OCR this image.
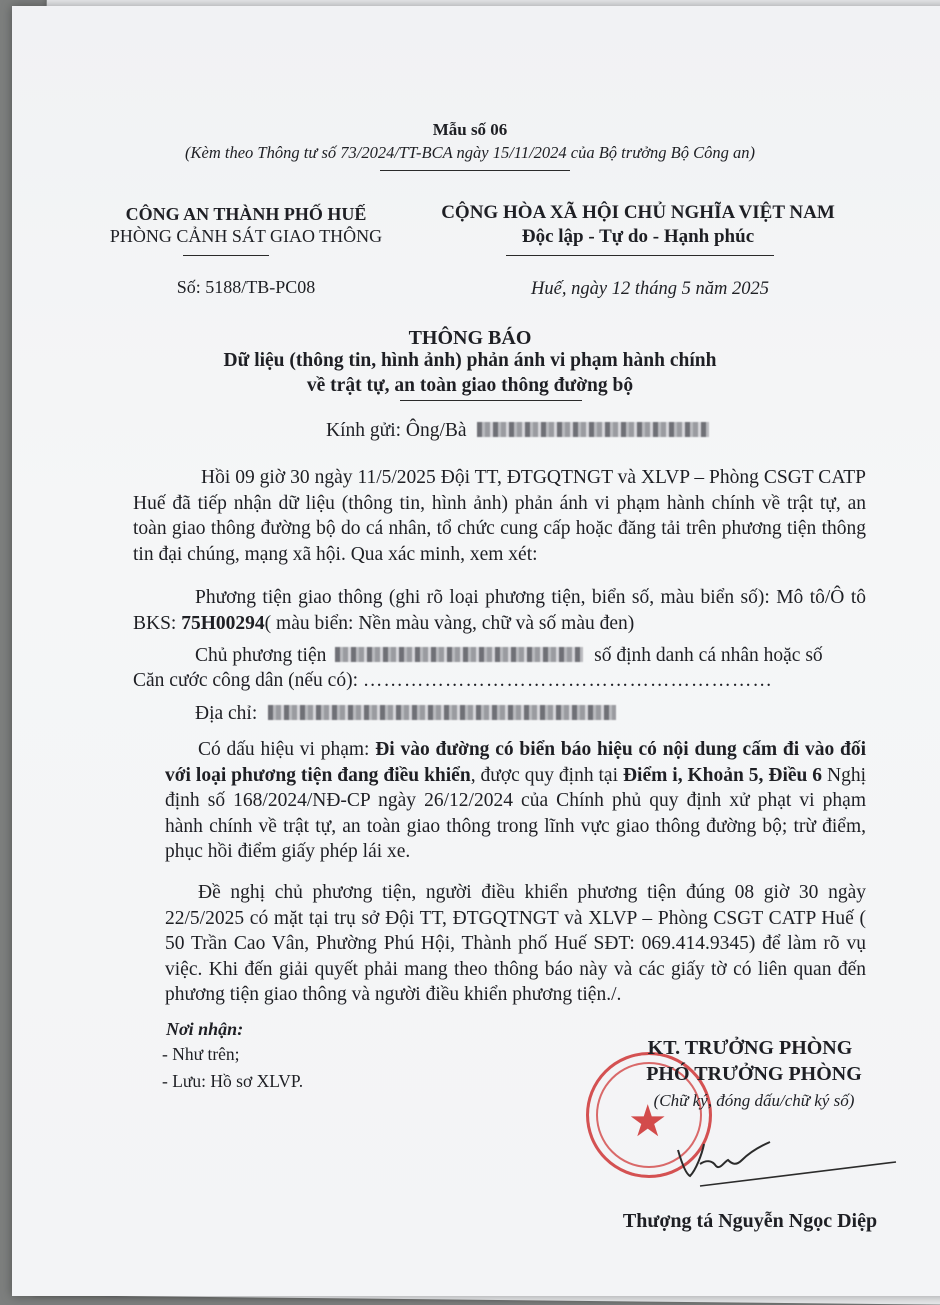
Mẫu số 06
(Kèm theo Thông tư số 73/2024/TT-BCA ngày 15/11/2024 của Bộ trưởng Bộ Công an)
CÔNG AN THÀNH PHỐ HUẾ
PHÒNG CẢNH SÁT GIAO THÔNG
Số: 5188/TB-PC08
CỘNG HÒA XÃ HỘI CHỦ NGHĨA VIỆT NAM
Độc lập - Tự do - Hạnh phúc
Huế, ngày 12 tháng 5 năm 2025
THÔNG BÁO
Dữ liệu (thông tin, hình ảnh) phản ánh vi phạm hành chính
về trật tự, an toàn giao thông đường bộ
Kính gửi: Ông/Bà
Hồi 09 giờ 30 ngày 11/5/2025 Đội TT, ĐTGQTNGT và XLVP – Phòng CSGT CATP Huế đã tiếp nhận dữ liệu (thông tin, hình ảnh) phản ánh vi phạm hành chính về trật tự, an toàn giao thông đường bộ do cá nhân, tổ chức cung cấp hoặc đăng tải trên phương tiện thông tin đại chúng, mạng xã hội. Qua xác minh, xem xét:
Phương tiện giao thông (ghi rõ loại phương tiện, biển số, màu biển số): Mô tô/Ô tô BKS: 75H00294( màu biển: Nền màu vàng, chữ và số màu đen)
Chủ phương tiện	số định danh cá nhân hoặc số
Căn cước công dân (nếu có): ……………………………………………………
Địa chỉ:
Có dấu hiệu vi phạm: Đi vào đường có biển báo hiệu có nội dung cấm đi vào đối với loại phương tiện đang điều khiển, được quy định tại Điểm i, Khoản 5, Điều 6 Nghị định số 168/2024/NĐ-CP ngày 26/12/2024 của Chính phủ quy định xử phạt vi phạm hành chính về trật tự, an toàn giao thông trong lĩnh vực giao thông đường bộ; trừ điểm, phục hồi điểm giấy phép lái xe.
Đề nghị chủ phương tiện, người điều khiển phương tiện đúng 08 giờ 30 ngày 22/5/2025 có mặt tại trụ sở Đội TT, ĐTGQTNGT và XLVP – Phòng CSGT CATP Huế ( 50 Trần Cao Vân, Phường Phú Hội, Thành phố Huế SĐT: 069.414.9345) để làm rõ vụ việc. Khi đến giải quyết phải mang theo thông báo này và các giấy tờ có liên quan đến phương tiện giao thông và người điều khiển phương tiện./.
Nơi nhận:
- Như trên;
- Lưu: Hồ sơ XLVP.
★
KT. TRƯỞNG PHÒNG
PHÓ TRƯỞNG PHÒNG
(Chữ ký, đóng dấu/chữ ký số)
Thượng tá Nguyễn Ngọc Diệp
